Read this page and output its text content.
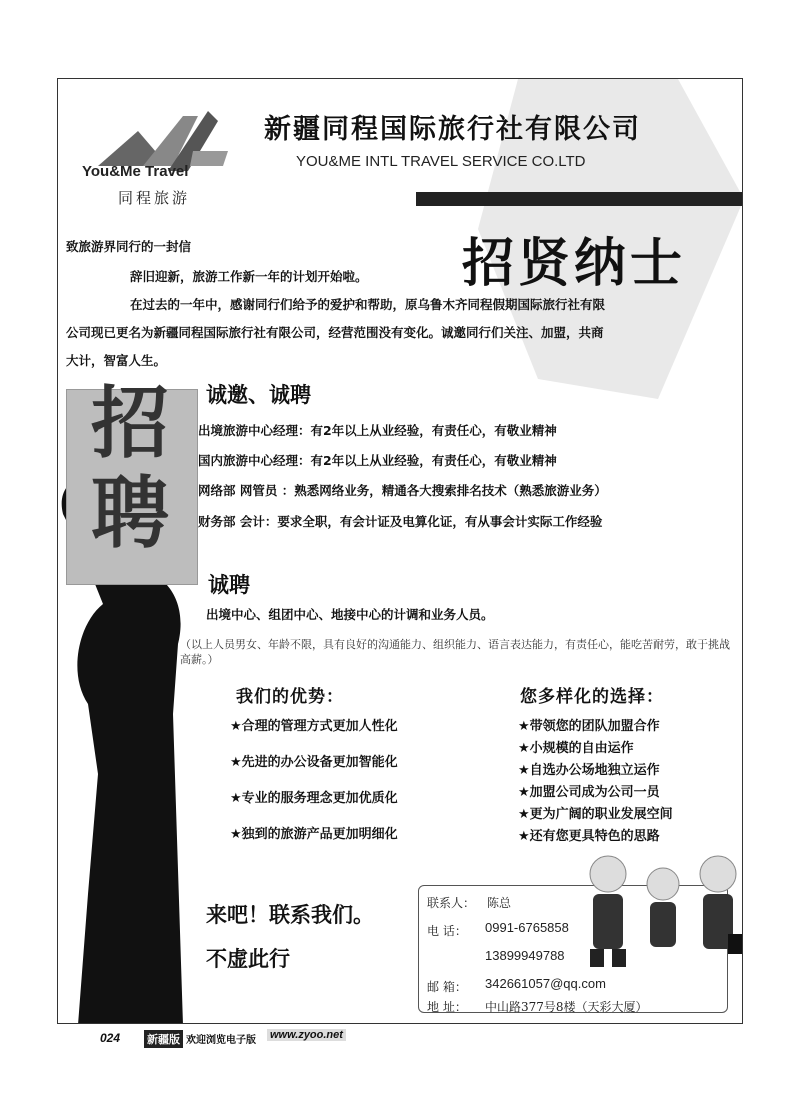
You&Me Travel
同程旅游
新疆同程国际旅行社有限公司
YOU&ME INTL TRAVEL SERVICE CO.LTD
招贤纳士
致旅游界同行的一封信
辞旧迎新，旅游工作新一年的计划开始啦。
在过去的一年中，感谢同行们给予的爱护和帮助，原乌鲁木齐同程假期国际旅行社有限
公司现已更名为新疆同程国际旅行社有限公司，经营范围没有变化。诚邀同行们关注、加盟，共商
大计，智富人生。
招聘
诚邀、诚聘
出境旅游中心经理：有2年以上从业经验，有责任心，有敬业精神
国内旅游中心经理：有2年以上从业经验，有责任心，有敬业精神
网络部 网管员 ：熟悉网络业务，精通各大搜索排名技术（熟悉旅游业务）
财务部 会计：要求全职，有会计证及电算化证，有从事会计实际工作经验
诚聘
出境中心、组团中心、地接中心的计调和业务人员。
（以上人员男女、年龄不限，具有良好的沟通能力、组织能力、语言表达能力，有责任心，能吃苦耐劳，敢于挑战高薪。）
我们的优势：
★合理的管理方式更加人性化
★先进的办公设备更加智能化
★专业的服务理念更加优质化
★独到的旅游产品更加明细化
您多样化的选择：
★带领您的团队加盟合作
★小规模的自由运作
★自选办公场地独立运作
★加盟公司成为公司一员
★更为广阔的职业发展空间
★还有您更具特色的思路
来吧！联系我们。
不虚此行
联系人： 陈总
电 话： 0991-6765858
13899949788
邮 箱： 342661057@qq.com
地 址： 中山路377号8楼（天彩大厦）
024 新疆版 欢迎浏览电子版 www.zyoo.net
